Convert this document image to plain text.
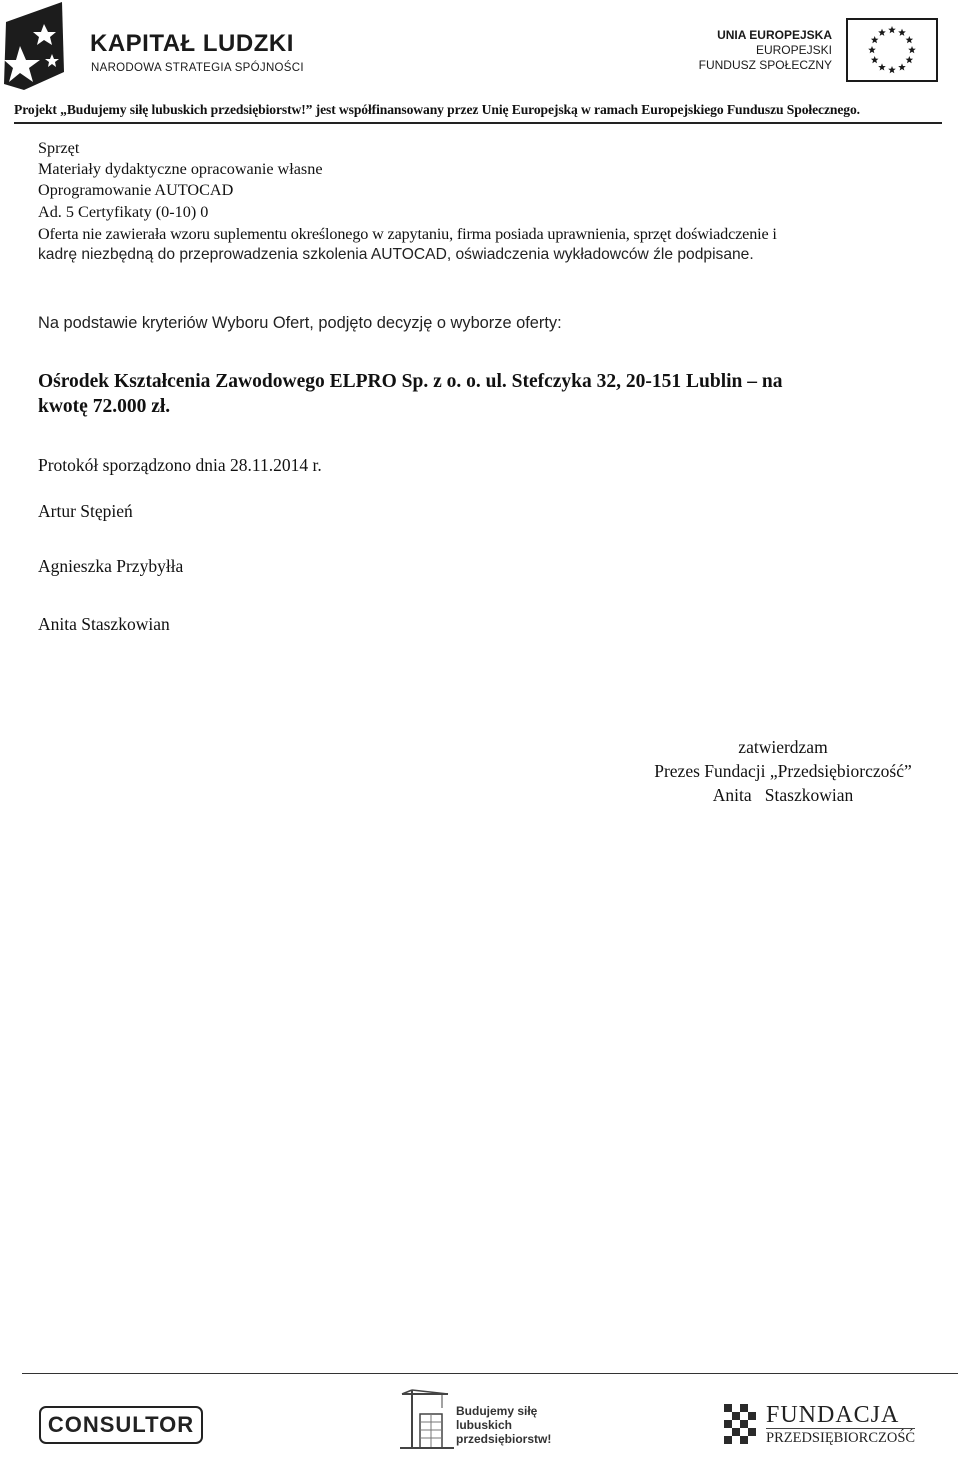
KAPITAŁ LUDZKI
NARODOWA STRATEGIA SPÓJNOŚCI
UNIA EUROPEJSKA
EUROPEJSKI
FUNDUSZ SPOŁECZNY
Projekt „Budujemy siłę lubuskich przedsiębiorstw!” jest współfinansowany przez Unię Europejską w ramach Europejskiego Funduszu Społecznego.
Sprzęt
Materiały dydaktyczne opracowanie własne
Oprogramowanie AUTOCAD
Ad. 5 Certyfikaty (0-10) 0
Oferta nie zawierała wzoru suplementu określonego w zapytaniu, firma posiada uprawnienia, sprzęt doświadczenie i
kadrę niezbędną do przeprowadzenia szkolenia AUTOCAD, oświadczenia wykładowców źle podpisane.
Na podstawie kryteriów Wyboru Ofert, podjęto decyzję o wyborze oferty:
Ośrodek Kształcenia Zawodowego ELPRO Sp. z o. o. ul. Stefczyka 32, 20-151 Lublin – na
kwotę 72.000 zł.
Protokół sporządzono dnia 28.11.2014 r.
Artur Stępień
Agnieszka Przybyłła
Anita Staszkowian
zatwierdzam
Prezes Fundacji „Przedsiębiorczość”
Anita   Staszkowian
CONSULTOR
Budujemy siłę
lubuskich
przedsiębiorstw!
FUNDACJA
PRZEDSIĘBIORCZOŚĆ
